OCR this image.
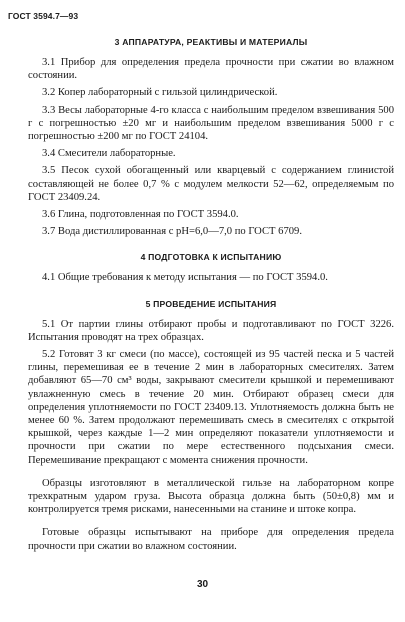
ГОСТ 3594.7—93
3 АППАРАТУРА, РЕАКТИВЫ И МАТЕРИАЛЫ

3.1 Прибор для определения предела прочности при сжатии во влажном состоянии.

3.2 Копер лабораторный с гильзой цилиндрической.

3.3 Весы лабораторные 4-го класса с наибольшим пределом взвешивания 500 г с погрешностью ±20 мг и наибольшим пределом взвешивания 5000 г с погрешностью ±200 мг по ГОСТ 24104.

3.4 Смесители лабораторные.

3.5 Песок сухой обогащенный или кварцевый с содержанием глинистой составляющей не более 0,7 % с модулем мелкости 52—62, определяемым по ГОСТ 23409.24.

3.6 Глина, подготовленная по ГОСТ 3594.0.

3.7 Вода дистиллированная с pH=6,0—7,0 по ГОСТ 6709.

4 ПОДГОТОВКА К ИСПЫТАНИЮ

4.1 Общие требования к методу испытания — по ГОСТ 3594.0.

5 ПРОВЕДЕНИЕ ИСПЫТАНИЯ

5.1 От партии глины отбирают пробы и подготавливают по ГОСТ 3226. Испытания проводят на трех образцах.

5.2 Готовят 3 кг смеси (по массе), состоящей из 95 частей песка и 5 частей глины, перемешивая ее в течение 2 мин в лабораторных смесителях. Затем добавляют 65—70 см³ воды, закрывают смесители крышкой и перемешивают увлажненную смесь в течение 20 мин. Отбирают образец смеси для определения уплотняемости по ГОСТ 23409.13. Уплотняемость должна быть не менее 60 %. Затем продолжают перемешивать смесь в смесителях с открытой крышкой, через каждые 1—2 мин определяют показатели уплотняемости и прочности при сжатии по мере естественного подсыхания смеси. Перемешивание прекращают с момента снижения прочности.

Образцы изготовляют в металлической гильзе на лабораторном копре трехкратным ударом груза. Высота образца должна быть (50±0,8) мм и контролируется тремя рисками, нанесенными на станине и штоке копра.

Готовые образцы испытывают на приборе для определения предела прочности при сжатии во влажном состоянии.

30
